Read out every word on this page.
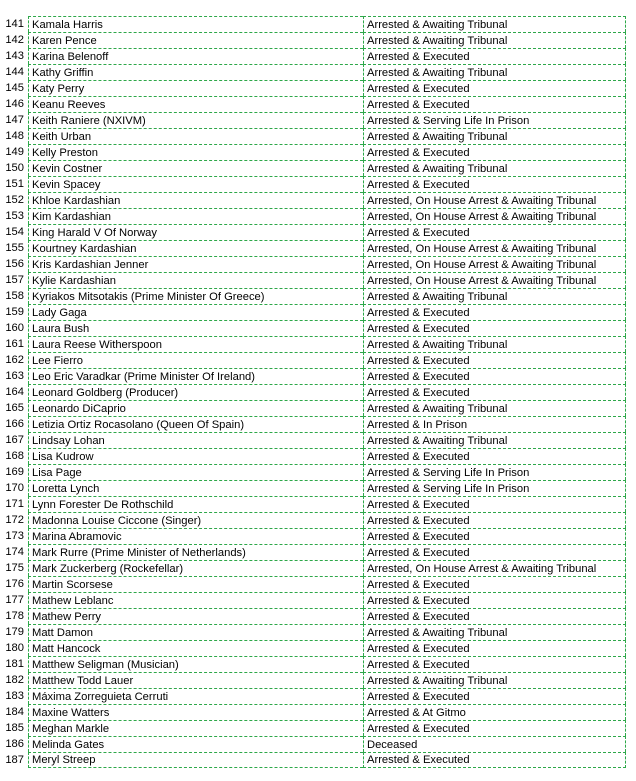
141	Kamala Harris	Arrested & Awaiting Tribunal
142	Karen Pence	Arrested & Awaiting Tribunal
143	Karina Belenoff	Arrested & Executed
144	Kathy Griffin	Arrested & Awaiting Tribunal
145	Katy Perry	Arrested & Executed
146	Keanu Reeves	Arrested & Executed
147	Keith Raniere (NXIVM)	Arrested & Serving Life In Prison
148	Keith Urban	Arrested & Awaiting Tribunal
149	Kelly Preston	Arrested & Executed
150	Kevin Costner	Arrested & Awaiting Tribunal
151	Kevin Spacey	Arrested & Executed
152	Khloe Kardashian	Arrested, On House Arrest & Awaiting Tribunal
153	Kim Kardashian	Arrested, On House Arrest & Awaiting Tribunal
154	King Harald V Of Norway	Arrested & Executed
155	Kourtney Kardashian	Arrested, On House Arrest & Awaiting Tribunal
156	Kris Kardashian Jenner	Arrested, On House Arrest & Awaiting Tribunal
157	Kylie Kardashian	Arrested, On House Arrest & Awaiting Tribunal
158	Kyriakos Mitsotakis (Prime Minister Of Greece)	Arrested & Awaiting Tribunal
159	Lady Gaga	Arrested & Executed
160	Laura Bush	Arrested & Executed
161	Laura Reese Witherspoon	Arrested & Awaiting Tribunal
162	Lee Fierro	Arrested & Executed
163	Leo Eric Varadkar (Prime Minister Of Ireland)	Arrested & Executed
164	Leonard Goldberg (Producer)	Arrested & Executed
165	Leonardo DiCaprio	Arrested & Awaiting Tribunal
166	Letizia Ortiz Rocasolano (Queen Of Spain)	Arrested & In Prison
167	Lindsay Lohan	Arrested & Awaiting Tribunal
168	Lisa Kudrow	Arrested & Executed
169	Lisa Page	Arrested & Serving Life In Prison
170	Loretta Lynch	Arrested & Serving Life In Prison
171	Lynn Forester De Rothschild	Arrested & Executed
172	Madonna Louise Ciccone (Singer)	Arrested & Executed
173	Marina Abramovic	Arrested & Executed
174	Mark Rurre (Prime Minister of Netherlands)	Arrested & Executed
175	Mark Zuckerberg (Rockefellar)	Arrested, On House Arrest & Awaiting Tribunal
176	Martin Scorsese	Arrested & Executed
177	Mathew Leblanc	Arrested & Executed
178	Mathew Perry	Arrested & Executed
179	Matt Damon	Arrested & Awaiting Tribunal
180	Matt Hancock	Arrested & Executed
181	Matthew Seligman (Musician)	Arrested & Executed
182	Matthew Todd Lauer	Arrested & Awaiting Tribunal
183	Máxima Zorreguieta Cerruti	Arrested & Executed
184	Maxine Watters	Arrested & At Gitmo
185	Meghan Markle	Arrested & Executed
186	Melinda Gates	Deceased
187	Meryl Streep	Arrested & Executed
